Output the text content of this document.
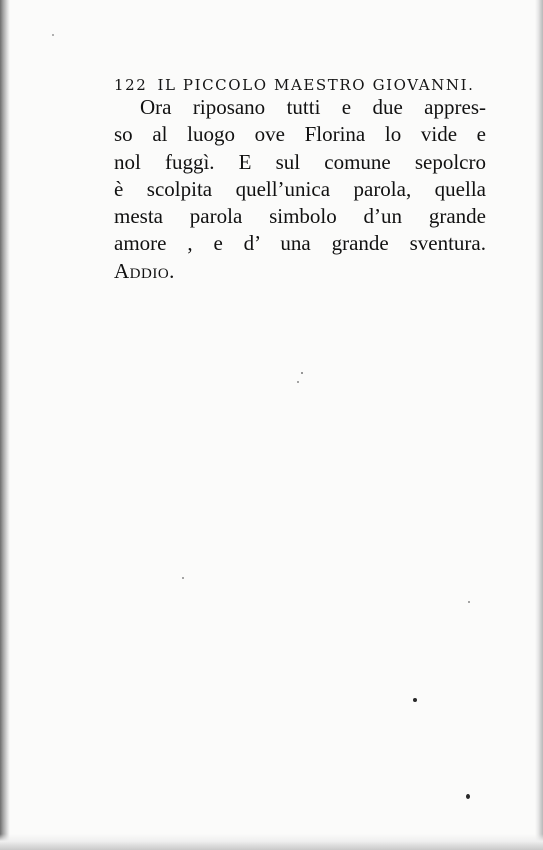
122 IL PICCOLO MAESTRO GIOVANNI.
Ora riposano tutti e due appres-
so al luogo ove Florina lo vide e
nol fuggì. E sul comune sepolcro
è scolpita quell’unica parola, quella
mesta parola simbolo d’un grande
amore , e d’ una grande sventura.
Addio.
